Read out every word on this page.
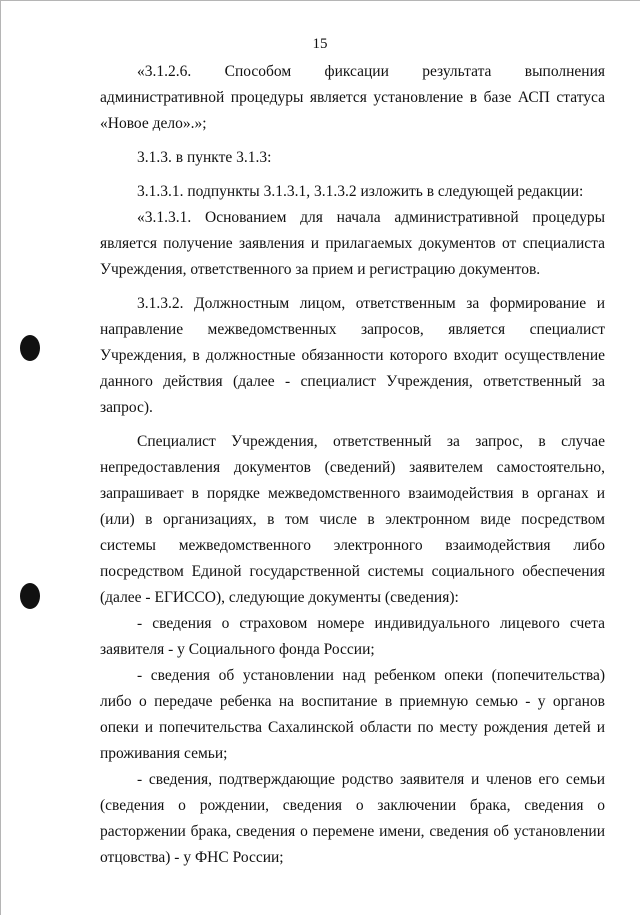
15

«3.1.2.6. Способом фиксации результата выполнения административной процедуры является установление в базе АСП статуса «Новое дело».»;

3.1.3. в пункте 3.1.3:

3.1.3.1. подпункты 3.1.3.1, 3.1.3.2 изложить в следующей редакции:

«3.1.3.1. Основанием для начала административной процедуры является получение заявления и прилагаемых документов от специалиста Учреждения, ответственного за прием и регистрацию документов.

3.1.3.2. Должностным лицом, ответственным за формирование и направление межведомственных запросов, является специалист Учреждения, в должностные обязанности которого входит осуществление данного действия (далее - специалист Учреждения, ответственный за запрос).

Специалист Учреждения, ответственный за запрос, в случае непредоставления документов (сведений) заявителем самостоятельно, запрашивает в порядке межведомственного взаимодействия в органах и (или) в организациях, в том числе в электронном виде посредством системы межведомственного электронного взаимодействия либо посредством Единой государственной системы социального обеспечения (далее - ЕГИССО), следующие документы (сведения):

- сведения о страховом номере индивидуального лицевого счета заявителя - у Социального фонда России;

- сведения об установлении над ребенком опеки (попечительства) либо о передаче ребенка на воспитание в приемную семью - у органов опеки и попечительства Сахалинской области по месту рождения детей и проживания семьи;

- сведения, подтверждающие родство заявителя и членов его семьи (сведения о рождении, сведения о заключении брака, сведения о расторжении брака, сведения о перемене имени, сведения об установлении отцовства) - у ФНС России;
